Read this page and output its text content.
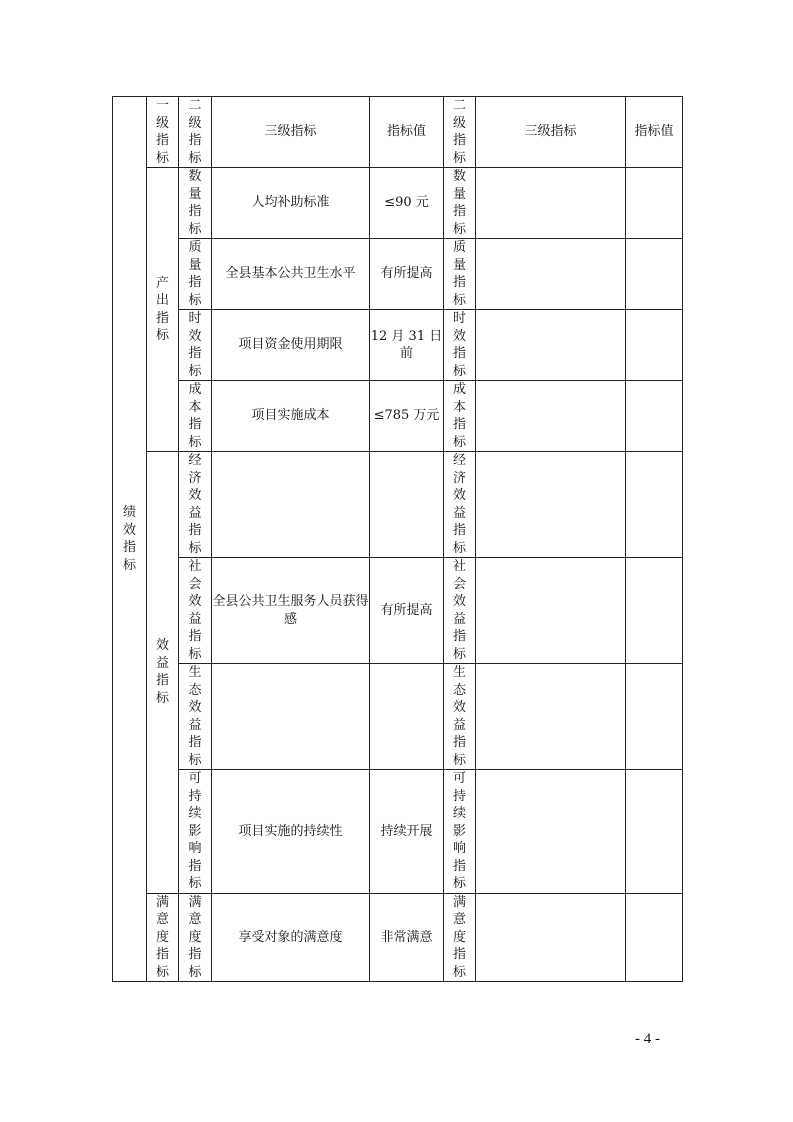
绩效指标	一级指标	二级指标	三级指标	指标值	二级指标	三级指标	指标值

	产出指标	数量指标	人均补助标准	≤90 元	数量指标		

		质量指标	全县基本公共卫生水平	有所提高	质量指标		

		时效指标	项目资金使用期限	12 月 31 日前	时效指标		

		成本指标	项目实施成本	≤785 万元	成本指标		

	效益指标	经济效益指标			经济效益指标		

		社会效益指标	全县公共卫生服务人员获得感	有所提高	社会效益指标		

		生态效益指标			生态效益指标		

		可持续影响指标	项目实施的持续性	持续开展	可持续影响指标		

	满意度指标	满意度指标	享受对象的满意度	非常满意	满意度指标		

- 4 -
